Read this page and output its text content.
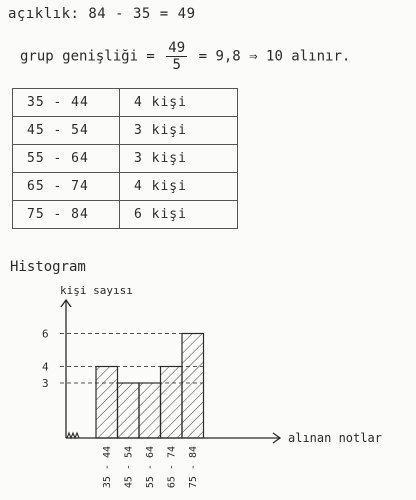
açıklık: 84 - 35 = 49
grup genişliği = $\frac{49}{5} = 9,8$ ⇒ 10 alınır.
35 - 44	4 kişi
45 - 54	3 kişi
55 - 64	3 kişi
65 - 74	4 kişi
75 - 84	6 kişi
Histogram
kişi sayısı
alınan notlar
3
4
6
35 - 44 45 - 54 55 - 64 65 - 74 75 - 84
